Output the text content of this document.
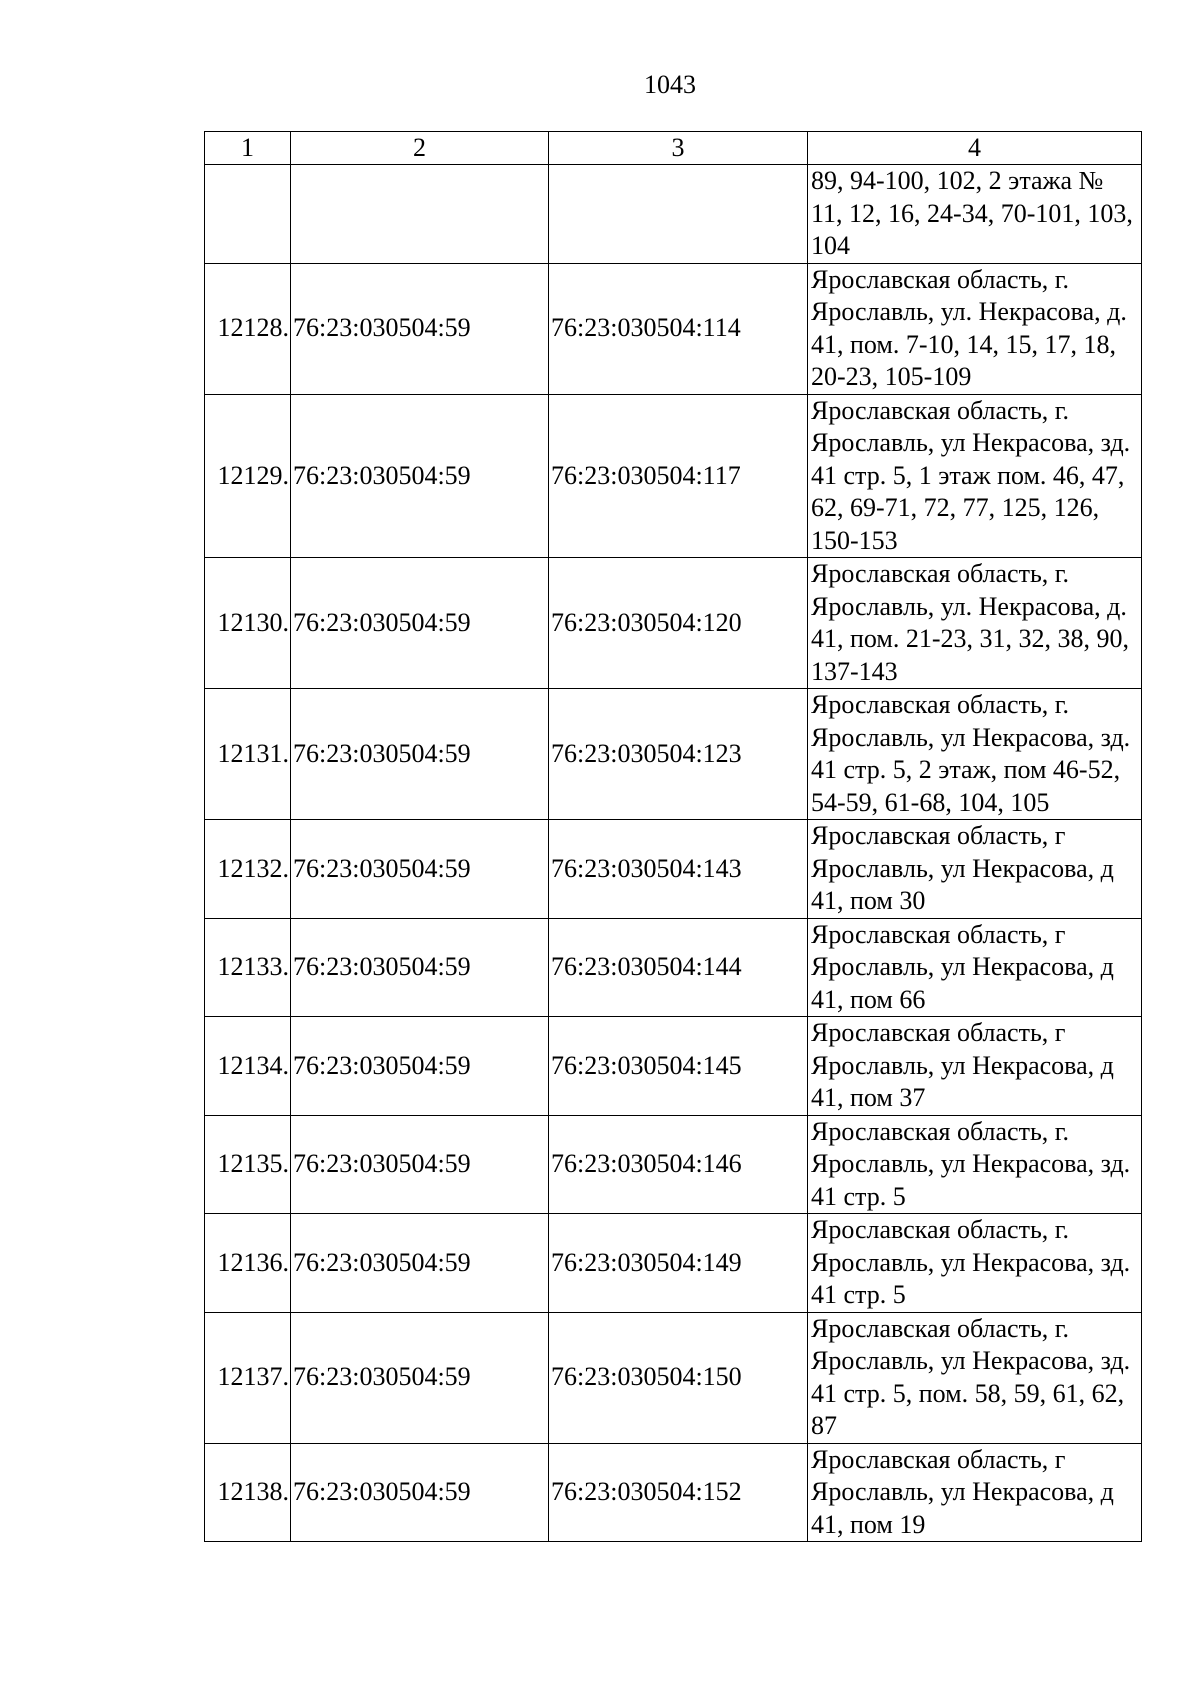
1043
1	2	3	4
			89, 94-100, 102, 2 этажа № 11, 12, 16, 24-34, 70-101, 103, 104
12128.	76:23:030504:59	76:23:030504:114	Ярославская область, г. Ярославль, ул. Некрасова, д. 41, пом. 7-10, 14, 15, 17, 18, 20-23, 105-109
12129.	76:23:030504:59	76:23:030504:117	Ярославская область, г. Ярославль, ул Некрасова, зд. 41 стр. 5, 1 этаж пом. 46, 47, 62, 69-71, 72, 77, 125, 126, 150-153
12130.	76:23:030504:59	76:23:030504:120	Ярославская область, г. Ярославль, ул. Некрасова, д. 41, пом. 21-23, 31, 32, 38, 90, 137-143
12131.	76:23:030504:59	76:23:030504:123	Ярославская область, г. Ярославль, ул Некрасова, зд. 41 стр. 5, 2 этаж, пом 46-52, 54-59, 61-68, 104, 105
12132.	76:23:030504:59	76:23:030504:143	Ярославская область, г Ярославль, ул Некрасова, д 41, пом 30
12133.	76:23:030504:59	76:23:030504:144	Ярославская область, г Ярославль, ул Некрасова, д 41, пом 66
12134.	76:23:030504:59	76:23:030504:145	Ярославская область, г Ярославль, ул Некрасова, д 41, пом 37
12135.	76:23:030504:59	76:23:030504:146	Ярославская область, г. Ярославль, ул Некрасова, зд. 41 стр. 5
12136.	76:23:030504:59	76:23:030504:149	Ярославская область, г. Ярославль, ул Некрасова, зд. 41 стр. 5
12137.	76:23:030504:59	76:23:030504:150	Ярославская область, г. Ярославль, ул Некрасова, зд. 41 стр. 5, пом. 58, 59, 61, 62, 87
12138.	76:23:030504:59	76:23:030504:152	Ярославская область, г Ярославль, ул Некрасова, д 41, пом 19
